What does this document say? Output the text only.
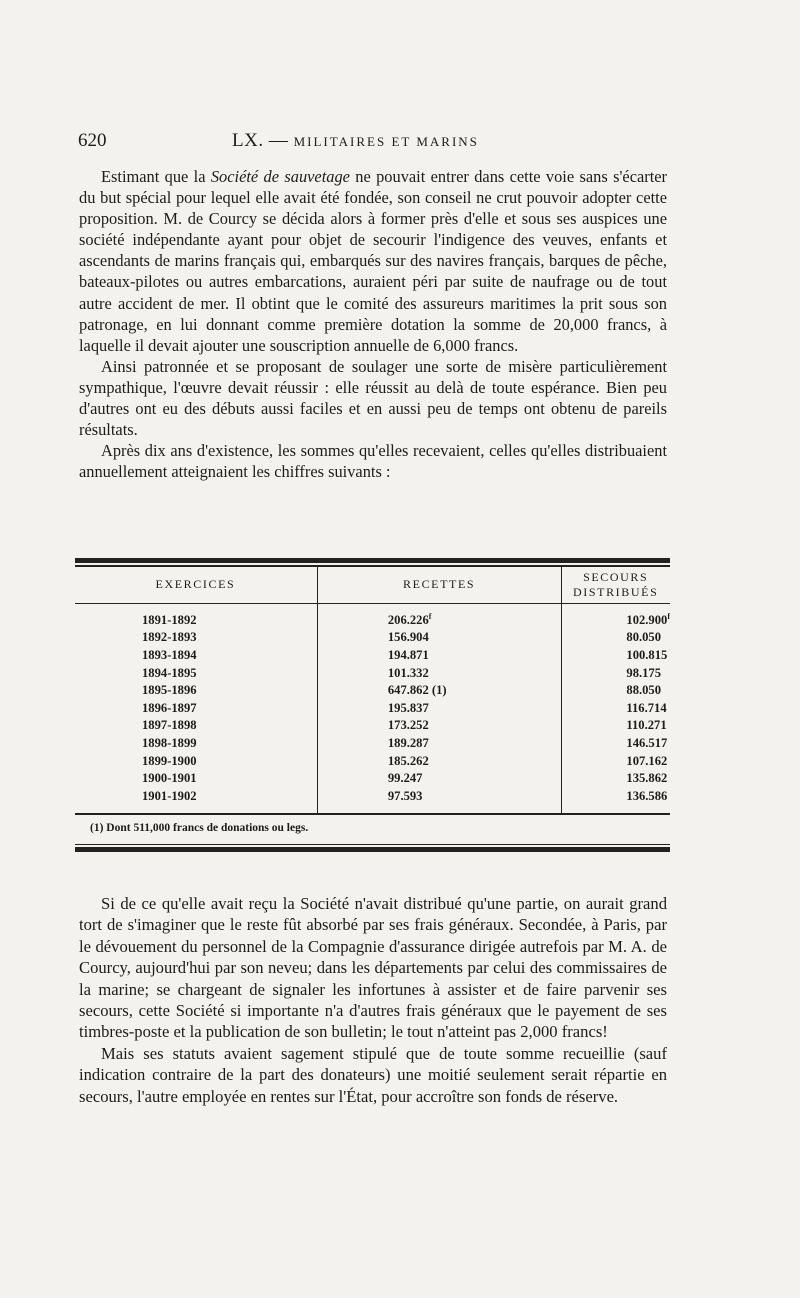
620	LX. — MILITAIRES ET MARINS

Estimant que la Société de sauvetage ne pouvait entrer dans cette voie sans s'écarter du but spécial pour lequel elle avait été fondée, son conseil ne crut pouvoir adopter cette proposition. M. de Courcy se décida alors à former près d'elle et sous ses auspices une société indépendante ayant pour objet de secourir l'indigence des veuves, enfants et ascendants de marins français qui, embarqués sur des navires français, barques de pêche, bateaux-pilotes ou autres embarcations, auraient péri par suite de naufrage ou de tout autre accident de mer. Il obtint que le comité des assureurs maritimes la prit sous son patronage, en lui donnant comme première dotation la somme de 20,000 francs, à laquelle il devait ajouter une souscription annuelle de 6,000 francs.

Ainsi patronnée et se proposant de soulager une sorte de misère particulièrement sympathique, l'œuvre devait réussir : elle réussit au delà de toute espérance. Bien peu d'autres ont eu des débuts aussi faciles et en aussi peu de temps ont obtenu de pareils résultats.

Après dix ans d'existence, les sommes qu'elles recevaient, celles qu'elles distribuaient annuellement atteignaient les chiffres suivants :

EXERCICES	RECETTES	SECOURS DISTRIBUÉS
1891-1892	206.226$^f$	102.900$^f$
1892-1893	156.904	80.050
1893-1894	194.871	100.815
1894-1895	101.332	98.175
1895-1896	647.862 (1)	88.050
1896-1897	195.837	116.714
1897-1898	173.252	110.271
1898-1899	189.287	146.517
1899-1900	185.262	107.162
1900-1901	99.247	135.862
1901-1902	97.593	136.586
(1) Dont 511,000 francs de donations ou legs.

Si de ce qu'elle avait reçu la Société n'avait distribué qu'une partie, on aurait grand tort de s'imaginer que le reste fût absorbé par ses frais généraux. Secondée, à Paris, par le dévouement du personnel de la Compagnie d'assurance dirigée autrefois par M. A. de Courcy, aujourd'hui par son neveu; dans les départements par celui des commissaires de la marine; se chargeant de signaler les infortunes à assister et de faire parvenir ses secours, cette Société si importante n'a d'autres frais généraux que le payement de ses timbres-poste et la publication de son bulletin; le tout n'atteint pas 2,000 francs!

Mais ses statuts avaient sagement stipulé que de toute somme recueillie (sauf indication contraire de la part des donateurs) une moitié seulement serait répartie en secours, l'autre employée en rentes sur l'État, pour accroître son fonds de réserve.
